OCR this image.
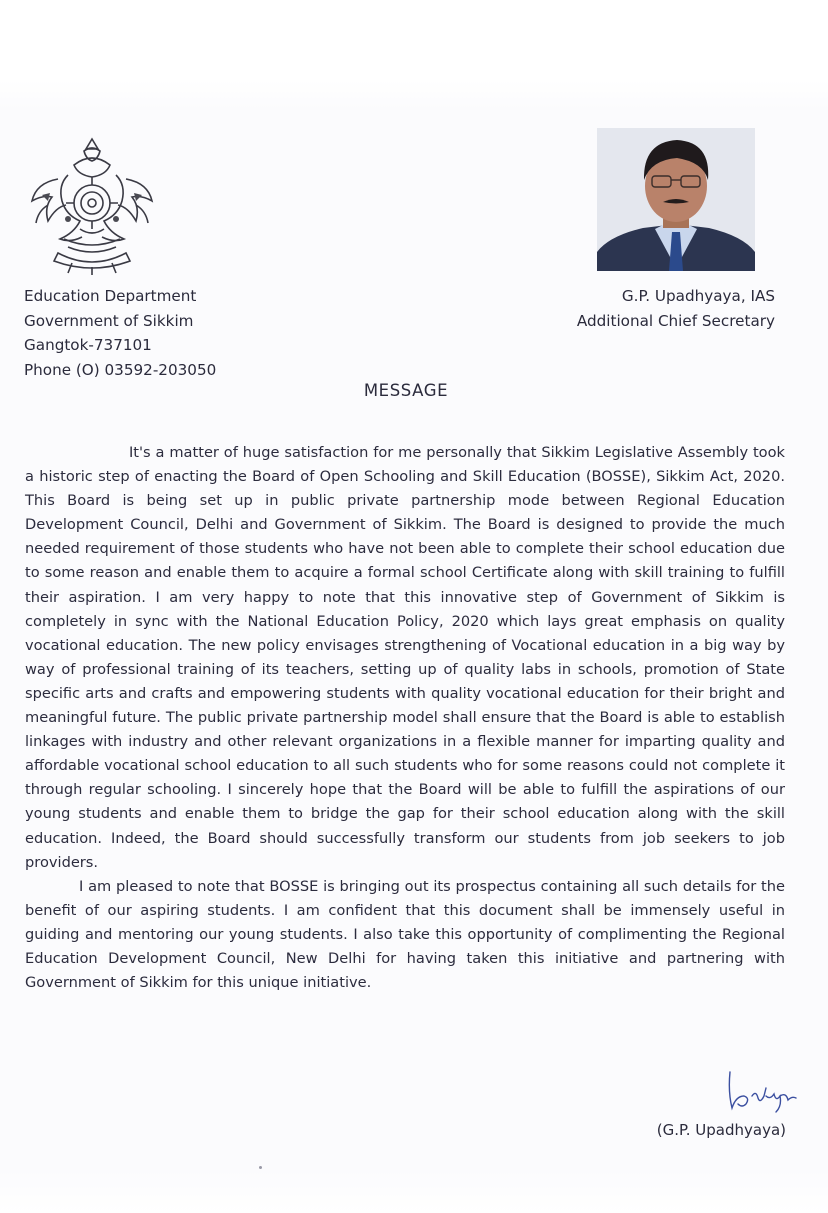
Education Department
Government of Sikkim
Gangtok-737101
Phone (O) 03592-203050
G.P. Upadhyaya, IAS
Additional Chief Secretary
MESSAGE

It's a matter of huge satisfaction for me personally that Sikkim Legislative Assembly took a historic step of enacting the Board of Open Schooling and Skill Education (BOSSE), Sikkim Act, 2020. This Board is being set up in public private partnership mode between Regional Education Development Council, Delhi and Government of Sikkim. The Board is designed to provide the much needed requirement of those students who have not been able to complete their school education due to some reason and enable them to acquire a formal school Certificate along with skill training to fulfill their aspiration. I am very happy to note that this innovative step of Government of Sikkim is completely in sync with the National Education Policy, 2020 which lays great emphasis on quality vocational education. The new policy envisages strengthening of Vocational education in a big way by way of professional training of its teachers, setting up of quality labs in schools, promotion of State specific arts and crafts and empowering students with quality vocational education for their bright and meaningful future. The public private partnership model shall ensure that the Board is able to establish linkages with industry and other relevant organizations in a flexible manner for imparting quality and affordable vocational school education to all such students who for some reasons could not complete it through regular schooling. I sincerely hope that the Board will be able to fulfill the aspirations of our young students and enable them to bridge the gap for their school education along with the skill education. Indeed, the Board should successfully transform our students from job seekers to job providers.

I am pleased to note that BOSSE is bringing out its prospectus containing all such details for the benefit of our aspiring students. I am confident that this document shall be immensely useful in guiding and mentoring our young students. I also take this opportunity of complimenting the Regional Education Development Council, New Delhi for having taken this initiative and partnering with Government of Sikkim for this unique initiative.

(G.P. Upadhyaya)
